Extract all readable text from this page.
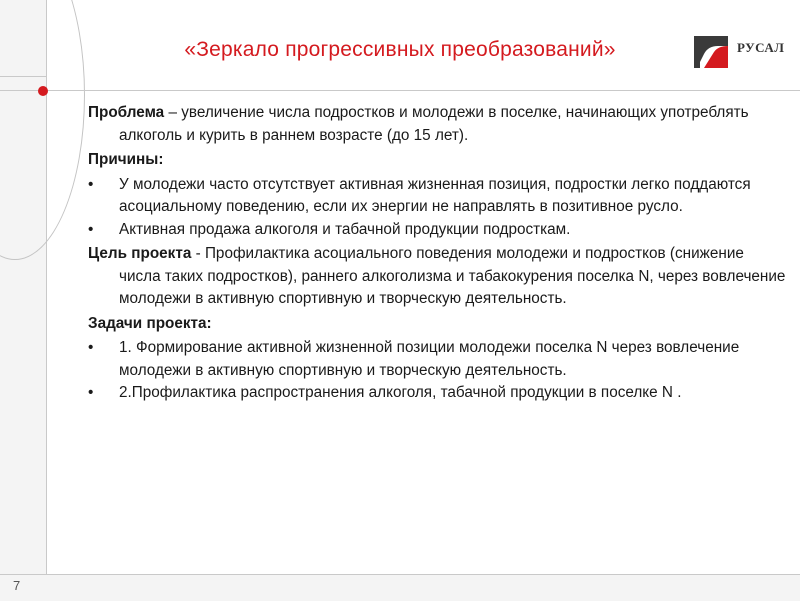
7
«Зеркало прогрессивных преобразований»	РУСАЛ

Проблема – увеличение числа подростков и молодежи в поселке, начинающих употреблять алкоголь и курить в раннем возрасте (до 15 лет).

Причины:

• У молодежи часто отсутствует активная жизненная позиция, подростки легко поддаются асоциальному поведению, если их энергии не направлять в позитивное русло.
• Активная продажа алкоголя и табачной продукции подросткам.

Цель проекта - Профилактика асоциального поведения молодежи и подростков (снижение числа таких подростков), раннего алкоголизма и табакокурения поселка N, через вовлечение молодежи в активную спортивную и творческую деятельность.

Задачи проекта:

• 1. Формирование активной жизненной позиции молодежи поселка N через вовлечение молодежи в активную спортивную и творческую деятельность.
• 2.Профилактика распространения алкоголя, табачной продукции в поселке N .
